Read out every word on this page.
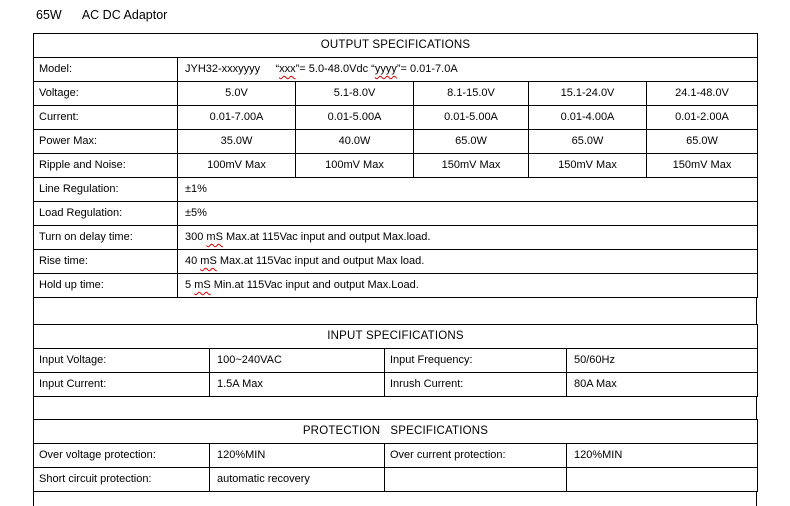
65W      AC DC Adaptor
OUTPUT SPECIFICATIONS					
Model:	JYH32-xxxyyyy     “xxx”= 5.0-48.0Vdc “yyyy”= 0.01-7.0A				
Voltage:	5.0V	5.1-8.0V	8.1-15.0V	15.1-24.0V	24.1-48.0V
Current:	0.01-7.00A	0.01-5.00A	0.01-5.00A	0.01-4.00A	0.01-2.00A
Power Max:	35.0W	40.0W	65.0W	65.0W	65.0W
Ripple and Noise:	100mV Max	100mV Max	150mV Max	150mV Max	150mV Max
Line Regulation:	±1%				
Load Regulation:	±5%				
Turn on delay time:	300 mS Max.at 115Vac input and output Max.load.				
Rise time:	40 mS Max.at 115Vac input and output Max load.				
Hold up time:	5 mS Min.at 115Vac input and output Max.Load.				
INPUT SPECIFICATIONS			
Input Voltage:	100~240VAC	Input Frequency:	50/60Hz
Input Current:	1.5A Max	Inrush Current:	80A Max
PROTECTION   SPECIFICATIONS			
Over voltage protection:	120%MIN	Over current protection:	120%MIN
Short circuit protection:	automatic recovery		
